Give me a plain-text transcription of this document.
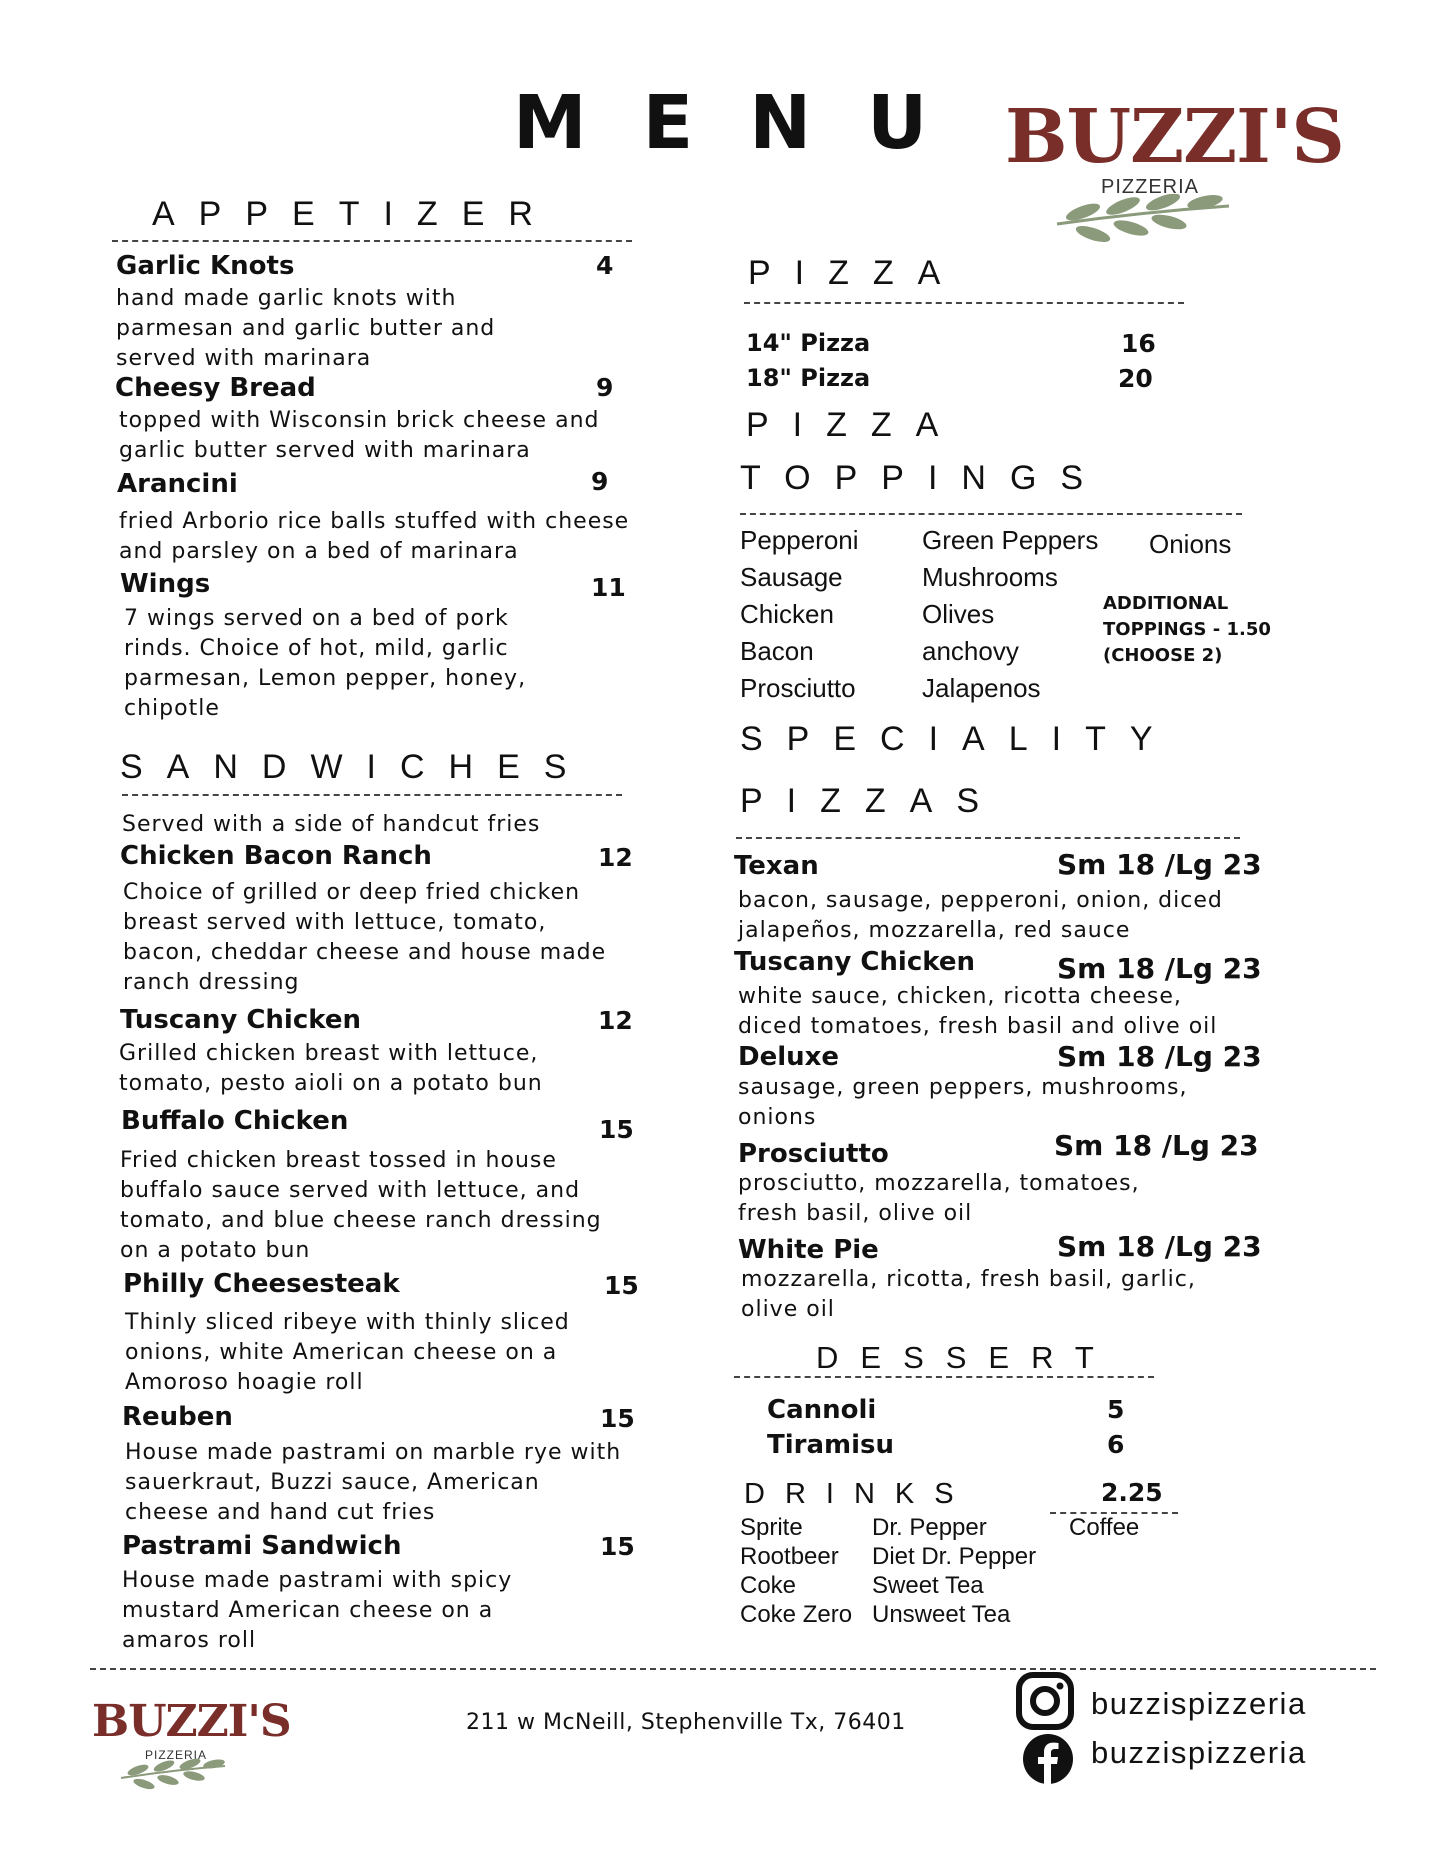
MENU BUZZI'S
PIZZERIA
APPETIZER
Garlic Knots	4
hand made garlic knots with parmesan and garlic butter and served with marinara
Cheesy Bread	9
topped with Wisconsin brick cheese and garlic butter served with marinara
Arancini	9
fried Arborio rice balls stuffed with cheese and parsley on a bed of marinara
Wings	11
7 wings served on a bed of pork rinds. Choice of hot, mild, garlic parmesan, Lemon pepper, honey, chipotle
SANDWICHES
Served with a side of handcut fries
Chicken Bacon Ranch	12
Choice of grilled or deep fried chicken breast served with lettuce, tomato, bacon, cheddar cheese and house made ranch dressing
Tuscany Chicken	12
Grilled chicken breast with lettuce, tomato, pesto aioli on a potato bun
Buffalo Chicken	15
Fried chicken breast tossed in house buffalo sauce served with lettuce, and tomato, and blue cheese ranch dressing on a potato bun
Philly Cheesesteak	15
Thinly sliced ribeye with thinly sliced onions, white American cheese on a Amoroso hoagie roll
Reuben	15
House made pastrami on marble rye with sauerkraut, Buzzi sauce, American cheese and hand cut fries
Pastrami Sandwich	15
House made pastrami with spicy mustard American cheese on a amaros roll
PIZZA
14" Pizza	16
18" Pizza	20
PIZZA
TOPPINGS
Pepperoni
Sausage
Chicken
Bacon
Prosciutto
Green Peppers
Mushrooms
Olives
anchovy
Jalapenos
Onions
ADDITIONAL
TOPPINGS - 1.50
(CHOOSE 2)
SPECIALITY
PIZZAS
Texan	Sm 18 /Lg 23
bacon, sausage, pepperoni, onion, diced jalapeños, mozzarella, red sauce
Tuscany Chicken	Sm 18 /Lg 23
white sauce, chicken, ricotta cheese, diced tomatoes, fresh basil and olive oil
Deluxe	Sm 18 /Lg 23
sausage, green peppers, mushrooms, onions
Prosciutto	Sm 18 /Lg 23
prosciutto, mozzarella, tomatoes, fresh basil, olive oil
White Pie	Sm 18 /Lg 23
mozzarella, ricotta, fresh basil, garlic, olive oil
DESSERT
Cannoli	5
Tiramisu	6
DRINKS	2.25
Sprite
Rootbeer
Coke
Coke Zero
Dr. Pepper
Diet Dr. Pepper
Sweet Tea
Unsweet Tea
Coffee
BUZZI'S
PIZZERIA
211 w McNeill, Stephenville Tx, 76401
buzzispizzeria
buzzispizzeria
